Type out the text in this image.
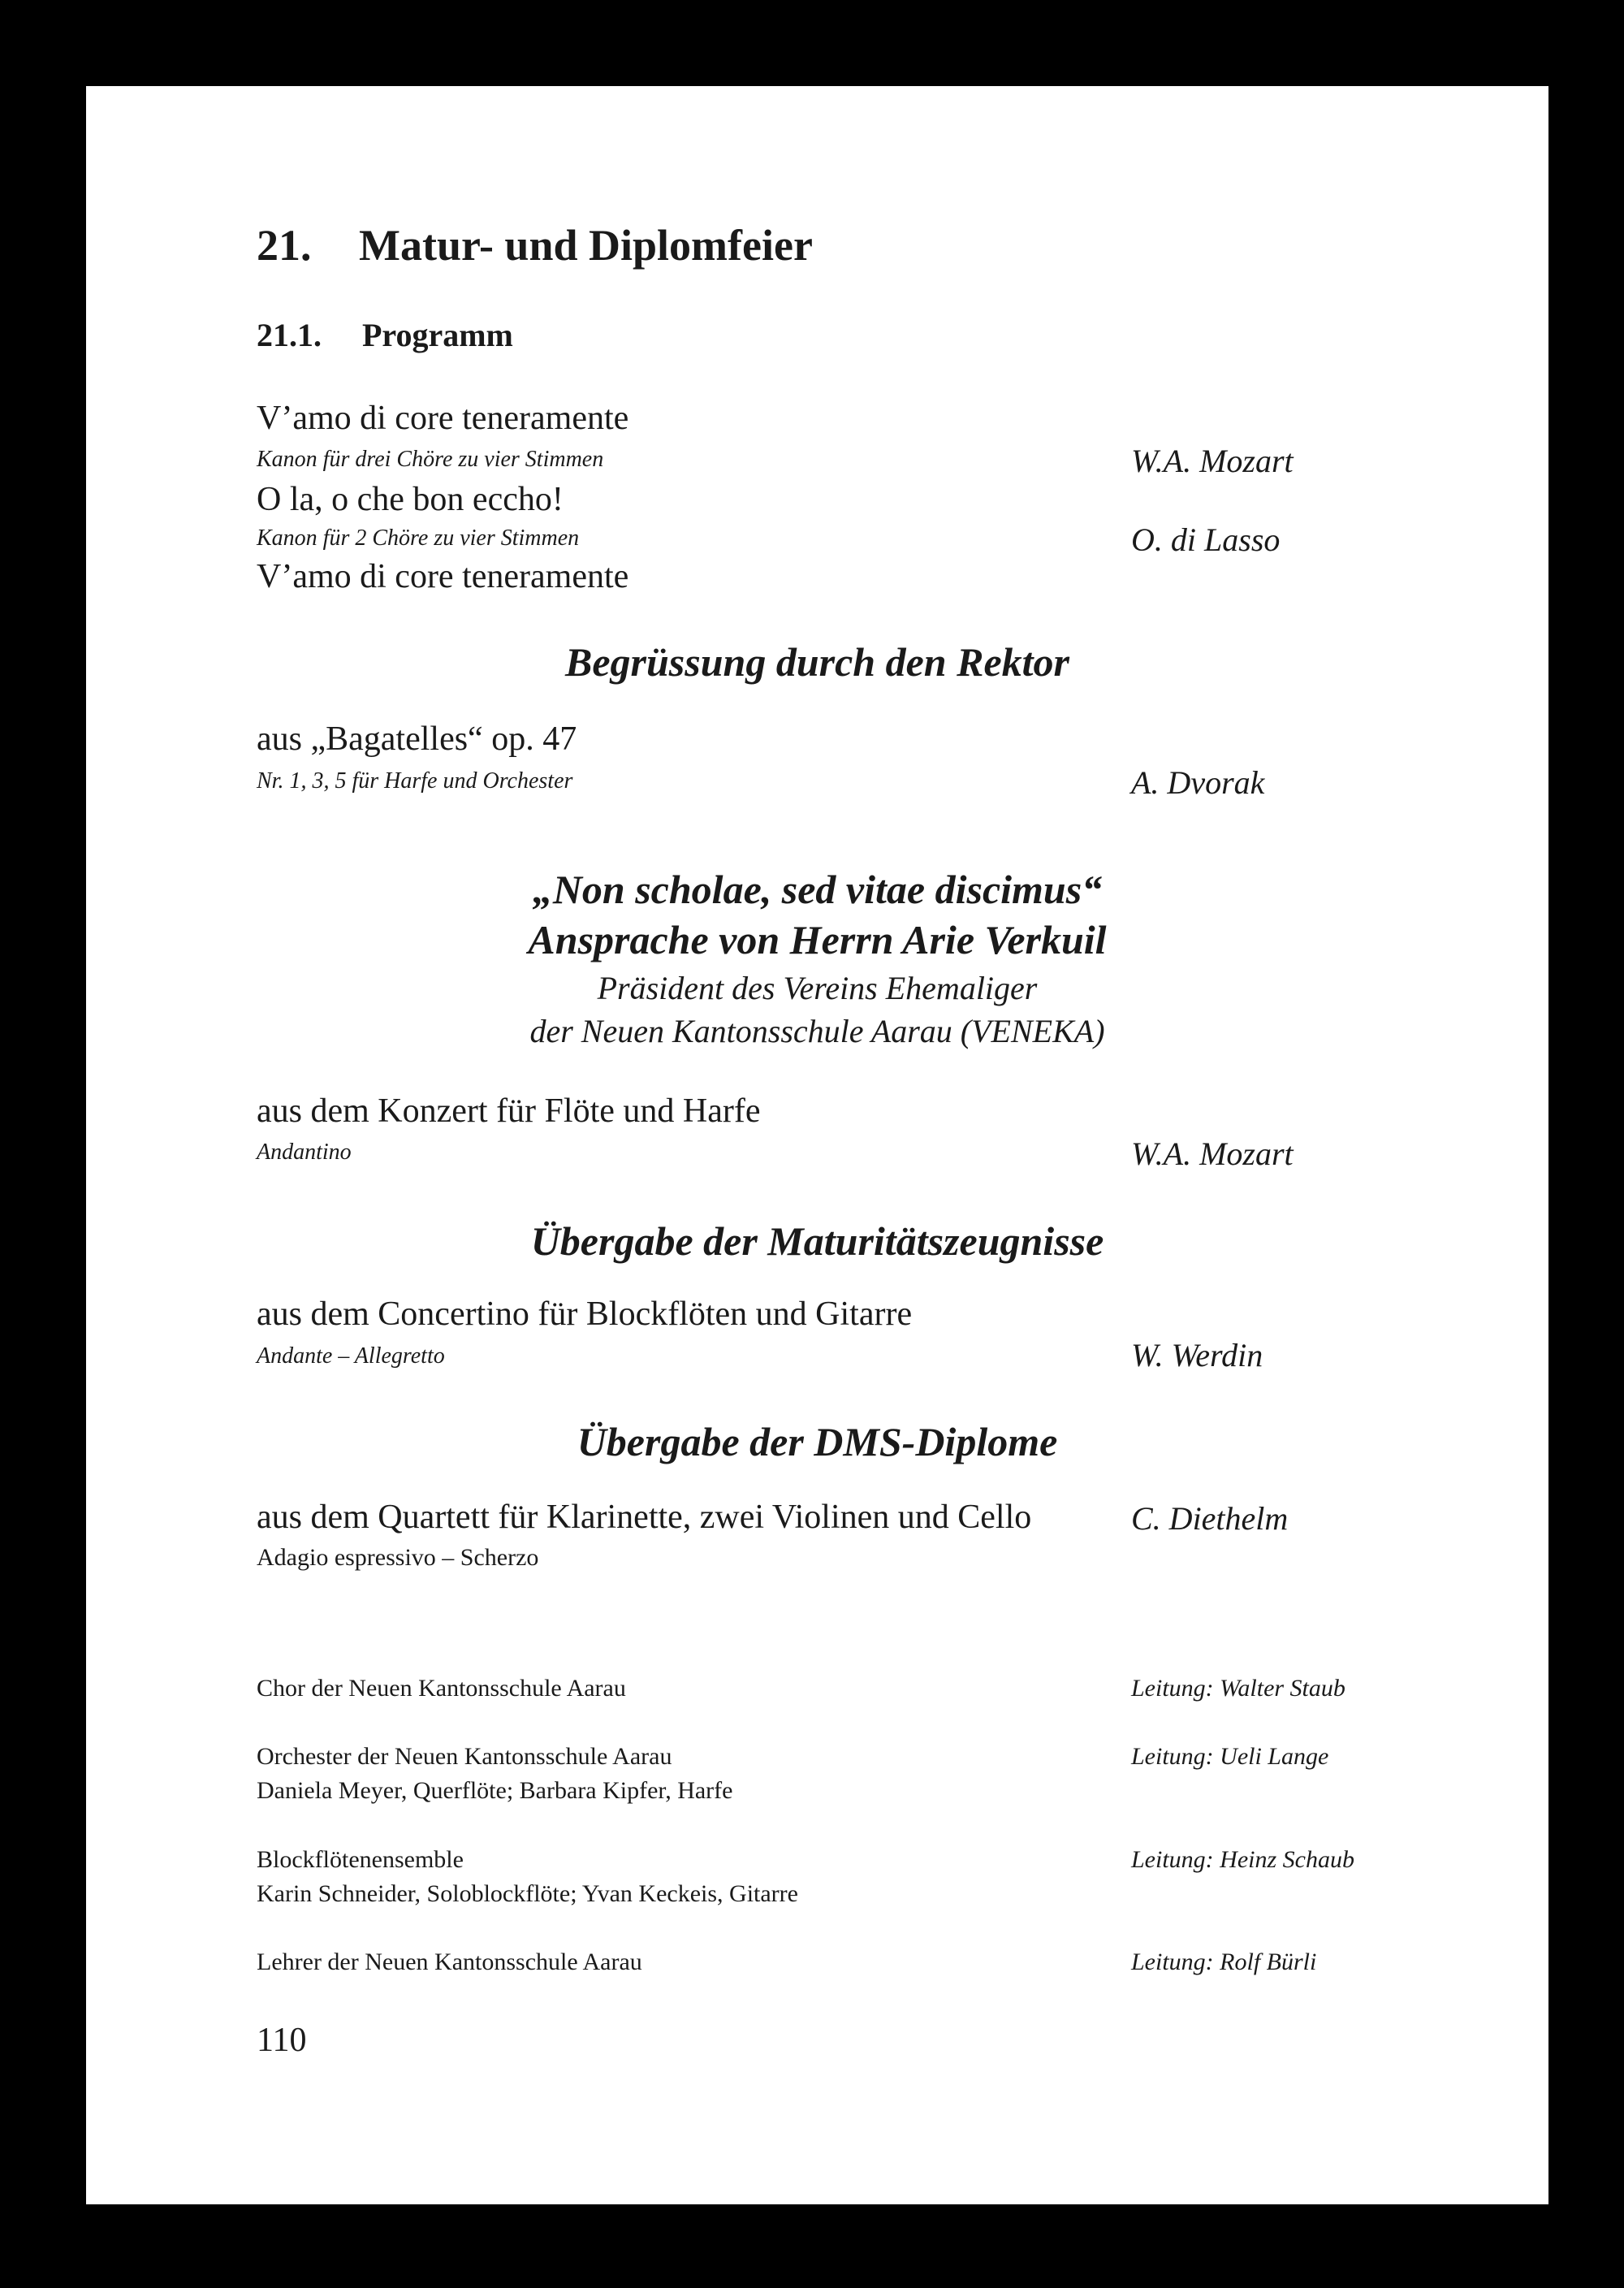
21. Matur- und Diplomfeier
21.1. Programm
V’amo di core teneramente
Kanon für drei Chöre zu vier Stimmen	W.A. Mozart
O la, o che bon eccho!
Kanon für 2 Chöre zu vier Stimmen	O. di Lasso
V’amo di core teneramente
Begrüssung durch den Rektor
aus „Bagatelles“ op. 47
Nr. 1, 3, 5 für Harfe und Orchester	A. Dvorak
„Non scholae, sed vitae discimus“
Ansprache von Herrn Arie Verkuil
Präsident des Vereins Ehemaliger
der Neuen Kantonsschule Aarau (VENEKA)
aus dem Konzert für Flöte und Harfe
Andantino	W.A. Mozart
Übergabe der Maturitätszeugnisse
aus dem Concertino für Blockflöten und Gitarre
Andante – Allegretto	W. Werdin
Übergabe der DMS-Diplome
aus dem Quartett für Klarinette, zwei Violinen und Cello	C. Diethelm
Adagio espressivo – Scherzo
Chor der Neuen Kantonsschule Aarau	Leitung: Walter Staub
Orchester der Neuen Kantonsschule Aarau	Leitung: Ueli Lange
Daniela Meyer, Querflöte; Barbara Kipfer, Harfe
Blockflötenensemble	Leitung: Heinz Schaub
Karin Schneider, Soloblockflöte; Yvan Keckeis, Gitarre
Lehrer der Neuen Kantonsschule Aarau	Leitung: Rolf Bürli
110
